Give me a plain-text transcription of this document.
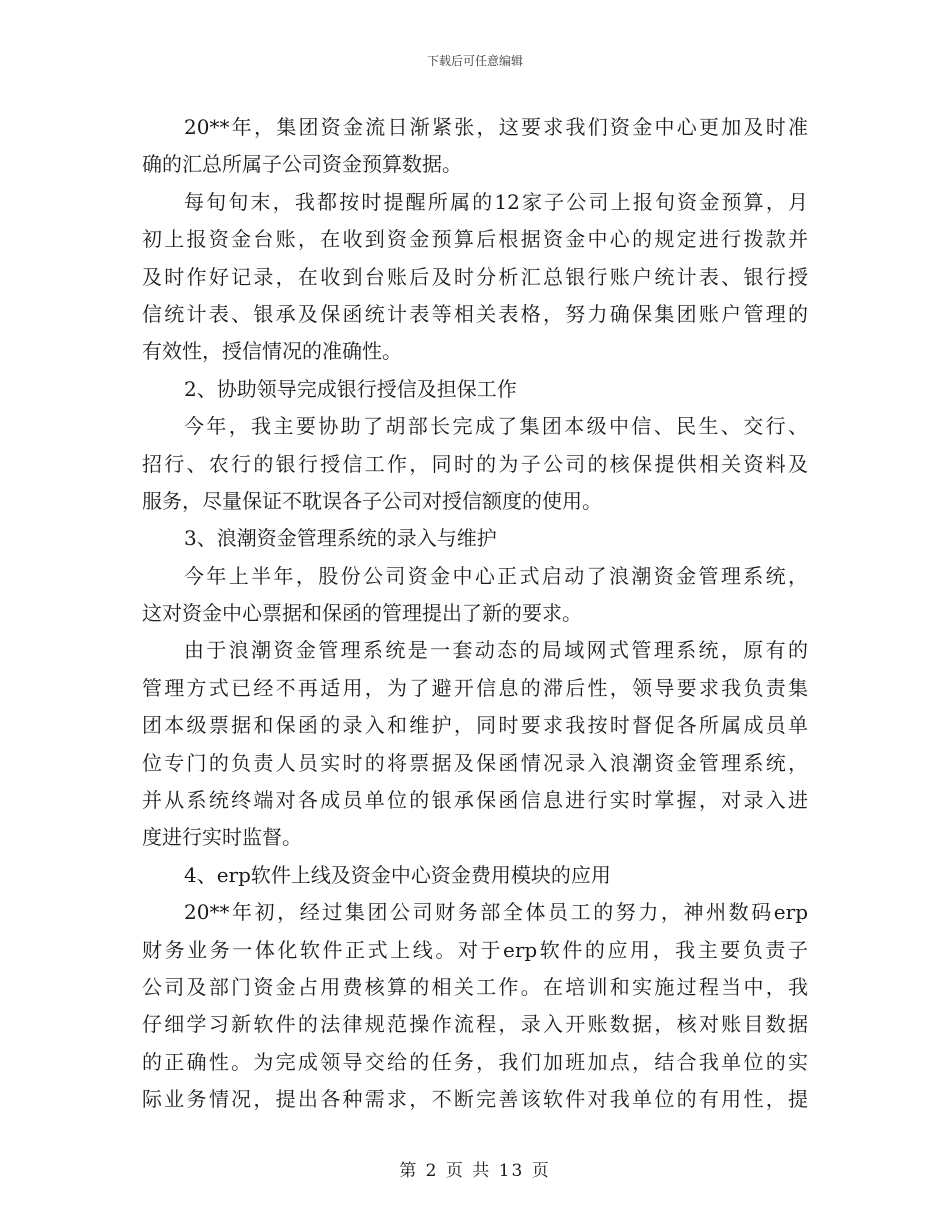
下载后可任意编辑
20**年，集团资金流日渐紧张，这要求我们资金中心更加及时准
确的汇总所属子公司资金预算数据。
每旬旬末，我都按时提醒所属的12家子公司上报旬资金预算，月
初上报资金台账，在收到资金预算后根据资金中心的规定进行拨款并
及时作好记录，在收到台账后及时分析汇总银行账户统计表、银行授
信统计表、银承及保函统计表等相关表格，努力确保集团账户管理的
有效性，授信情况的准确性。
2、协助领导完成银行授信及担保工作
今年，我主要协助了胡部长完成了集团本级中信、民生、交行、
招行、农行的银行授信工作，同时的为子公司的核保提供相关资料及
服务，尽量保证不耽误各子公司对授信额度的使用。
3、浪潮资金管理系统的录入与维护
今年上半年，股份公司资金中心正式启动了浪潮资金管理系统，
这对资金中心票据和保函的管理提出了新的要求。
由于浪潮资金管理系统是一套动态的局域网式管理系统，原有的
管理方式已经不再适用，为了避开信息的滞后性，领导要求我负责集
团本级票据和保函的录入和维护，同时要求我按时督促各所属成员单
位专门的负责人员实时的将票据及保函情况录入浪潮资金管理系统，
并从系统终端对各成员单位的银承保函信息进行实时掌握，对录入进
度进行实时监督。
4、erp软件上线及资金中心资金费用模块的应用
20**年初，经过集团公司财务部全体员工的努力，神州数码erp
财务业务一体化软件正式上线。对于erp软件的应用，我主要负责子
公司及部门资金占用费核算的相关工作。在培训和实施过程当中，我
仔细学习新软件的法律规范操作流程，录入开账数据，核对账目数据
的正确性。为完成领导交给的任务，我们加班加点，结合我单位的实
际业务情况，提出各种需求，不断完善该软件对我单位的有用性，提
第 2 页 共 13 页
